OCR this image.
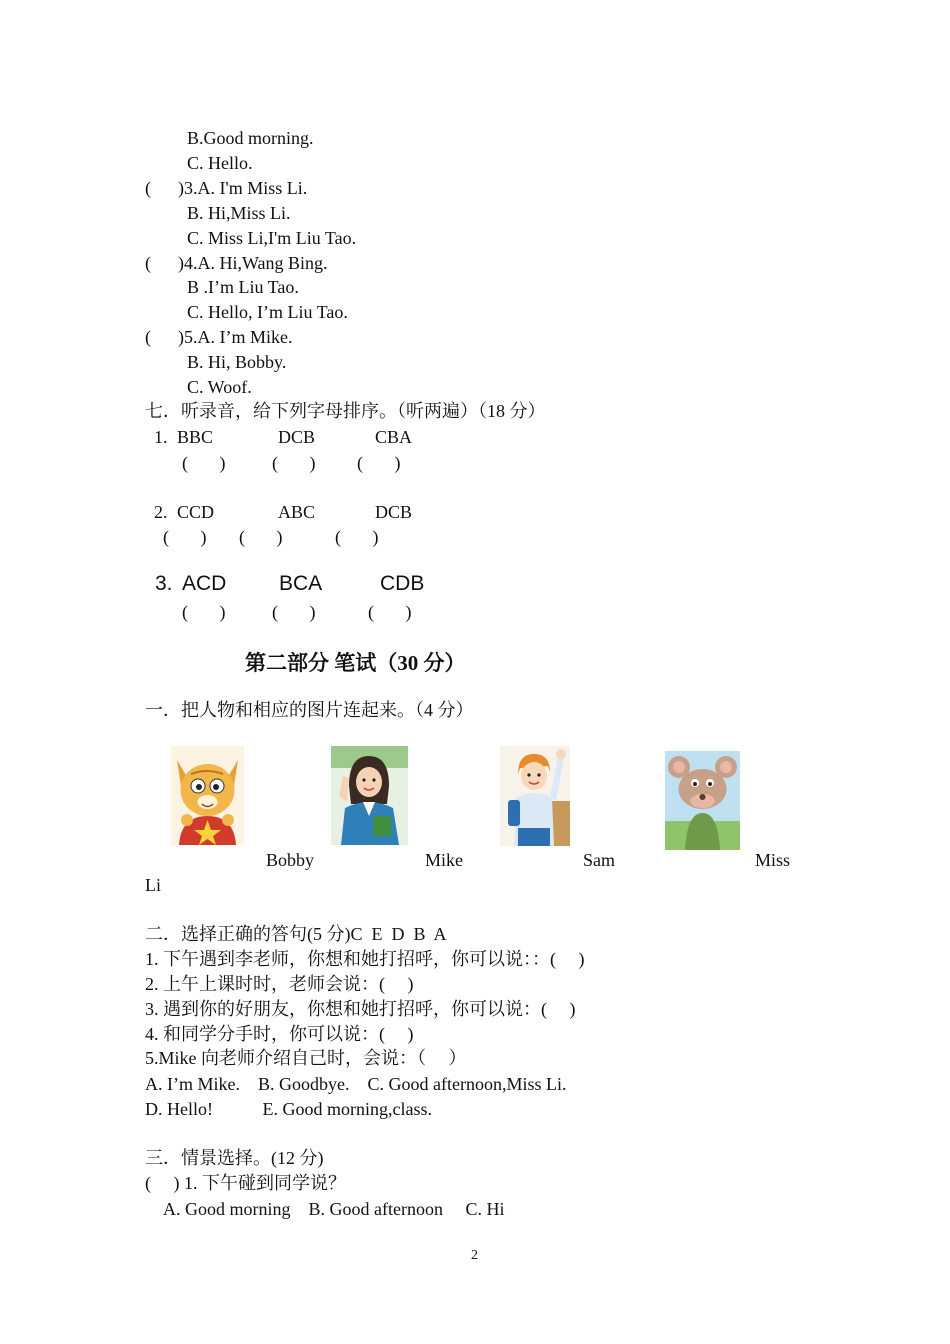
B.Good morning.
C. Hello.
(      )3.A. I'm Miss Li.
B. Hi,Miss Li.
C. Miss Li,I'm Liu Tao.
(      )4.A. Hi,Wang Bing.
B .I’m Liu Tao.
C. Hello, I’m Liu Tao.
(      )5.A. I’m Mike.
B. Hi, Bobby.
C. Woof.
七．听录音，给下列字母排序。（听两遍）（18 分）
1. BBC	DCB	CBA
(       )	(       ) (       )
2. CCD	ABC	DCB
(       ) (       )	(       )
3. ACD	BCA	CDB
(       )	(       )	(       )
第二部分 笔试（30 分）
一．把人物和相应的图片连起来。（4 分）
Bobby	Mike	Sam	Miss
Li
二．选择正确的答句(5 分)C  E  D  B  A
1. 下午遇到李老师，你想和她打招呼，你可以说：：(     )
2. 上午上课时时，老师会说：(     )
3. 遇到你的好朋友，你想和她打招呼，你可以说：(     )
4. 和同学分手时，你可以说：(     )
5.Mike 向老师介绍自己时，会说：（     ）
A. I’m Mike.    B. Goodbye.    C. Good afternoon,Miss Li.
D. Hello!           E. Good morning,class.
三．情景选择。(12 分)
(     ) 1. 下午碰到同学说？
A. Good morning    B. Good afternoon     C. Hi
2
